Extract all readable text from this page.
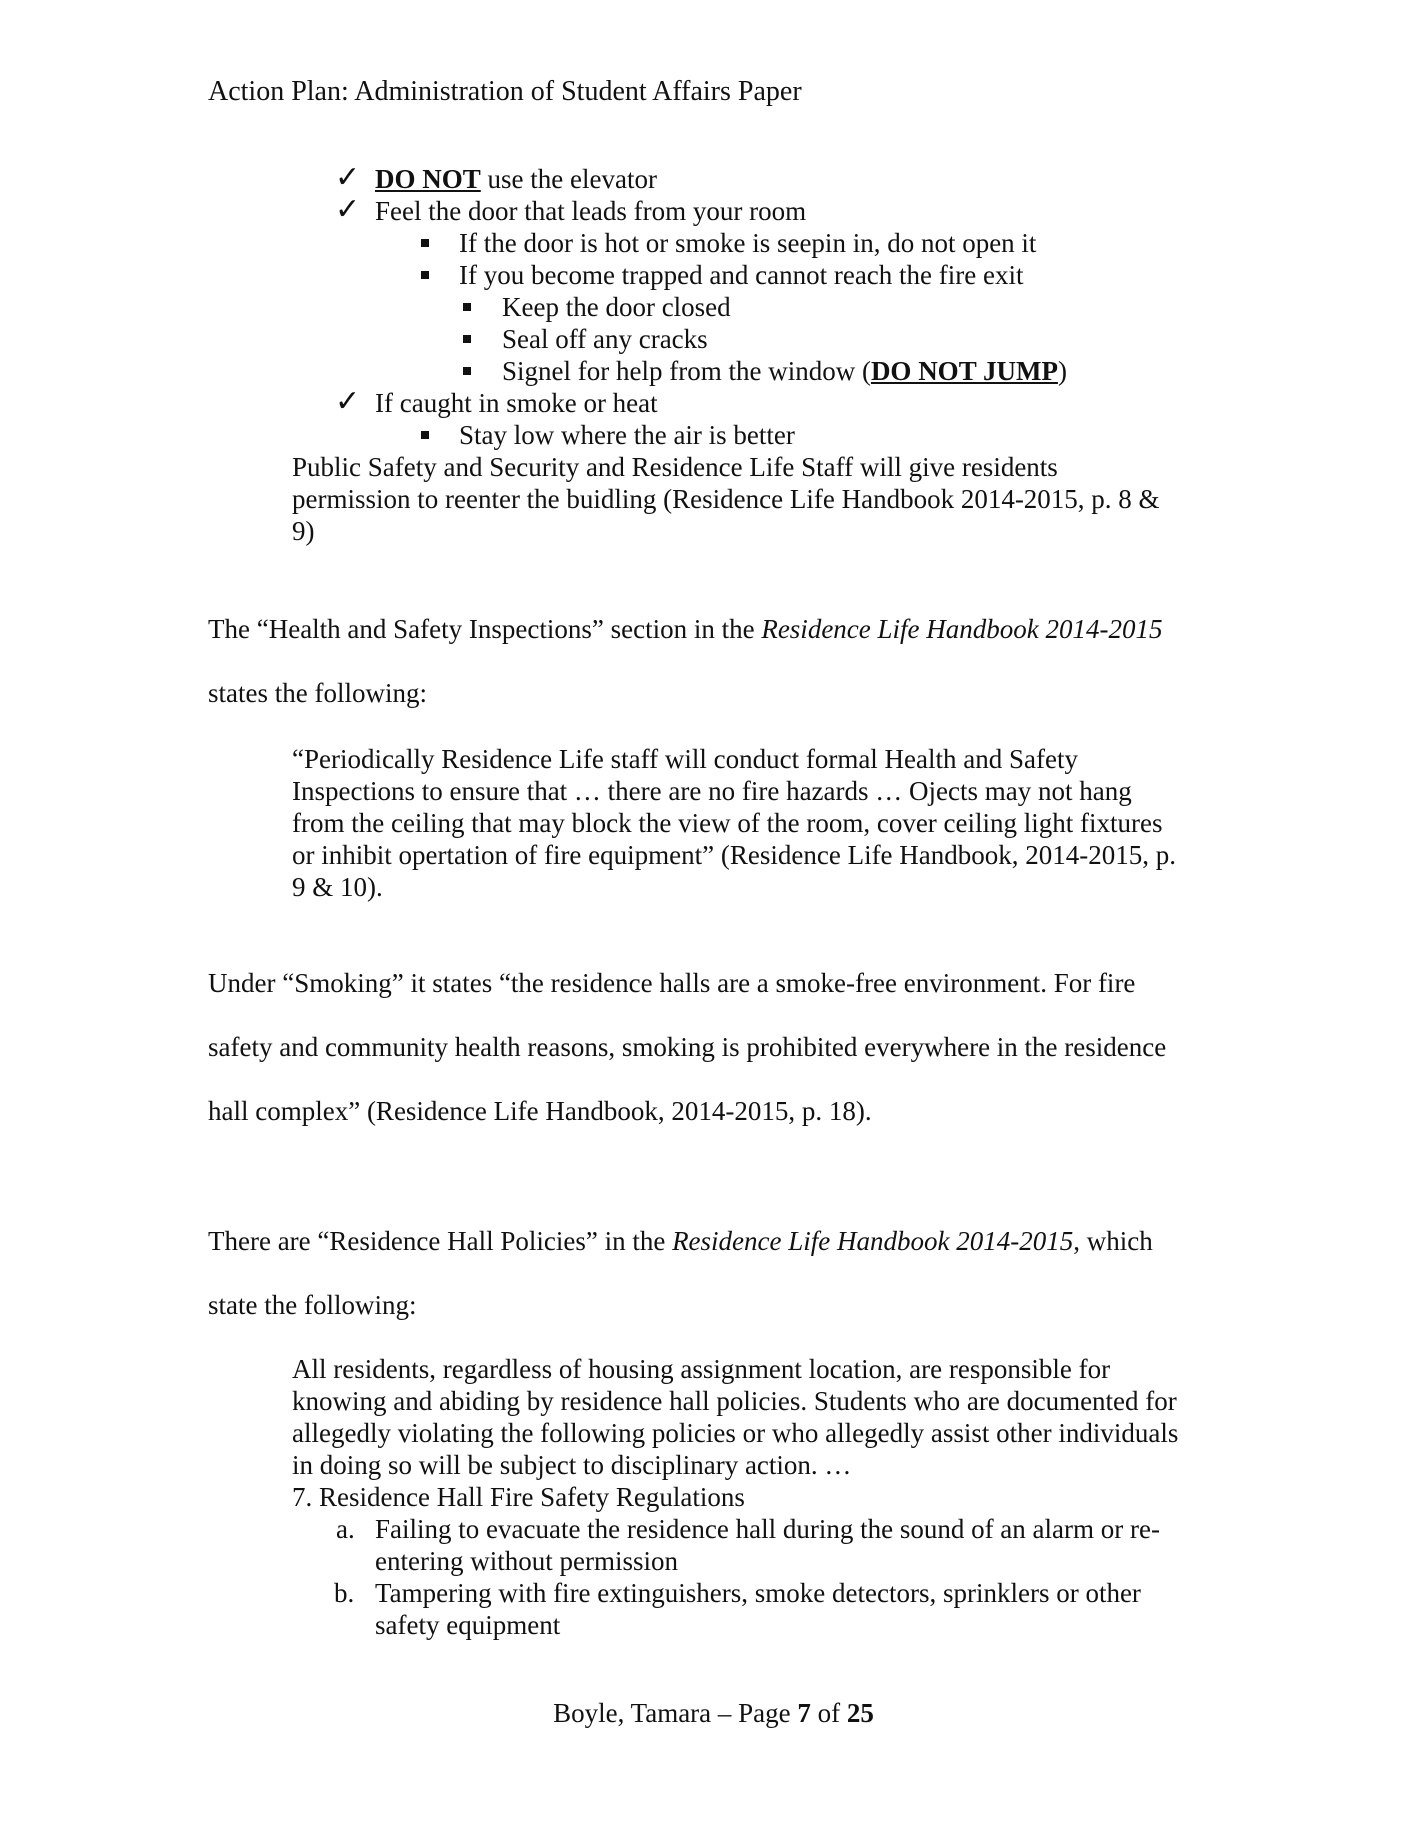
Action Plan: Administration of Student Affairs Paper
✓ DO NOT use the elevator
✓ Feel the door that leads from your room
If the door is hot or smoke is seepin in, do not open it
If you become trapped and cannot reach the fire exit
Keep the door closed
Seal off any cracks
Signel for help from the window (DO NOT JUMP)
✓ If caught in smoke or heat
Stay low where the air is better
Public Safety and Security and Residence Life Staff will give residents
permission to reenter the buidling (Residence Life Handbook 2014-2015, p. 8 &
9)
The “Health and Safety Inspections” section in the Residence Life Handbook 2014-2015
states the following:
“Periodically Residence Life staff will conduct formal Health and Safety
Inspections to ensure that … there are no fire hazards … Ojects may not hang
from the ceiling that may block the view of the room, cover ceiling light fixtures
or inhibit opertation of fire equipment” (Residence Life Handbook, 2014-2015, p.
9 & 10).
Under “Smoking” it states “the residence halls are a smoke-free environment. For fire
safety and community health reasons, smoking is prohibited everywhere in the residence
hall complex” (Residence Life Handbook, 2014-2015, p. 18).
There are “Residence Hall Policies” in the Residence Life Handbook 2014-2015, which
state the following:
All residents, regardless of housing assignment location, are responsible for
knowing and abiding by residence hall policies. Students who are documented for
allegedly violating the following policies or who allegedly assist other individuals
in doing so will be subject to disciplinary action. …
7. Residence Hall Fire Safety Regulations
a. Failing to evacuate the residence hall during the sound of an alarm or re-
entering without permission
b. Tampering with fire extinguishers, smoke detectors, sprinklers or other
safety equipment
Boyle, Tamara – Page 7 of 25
